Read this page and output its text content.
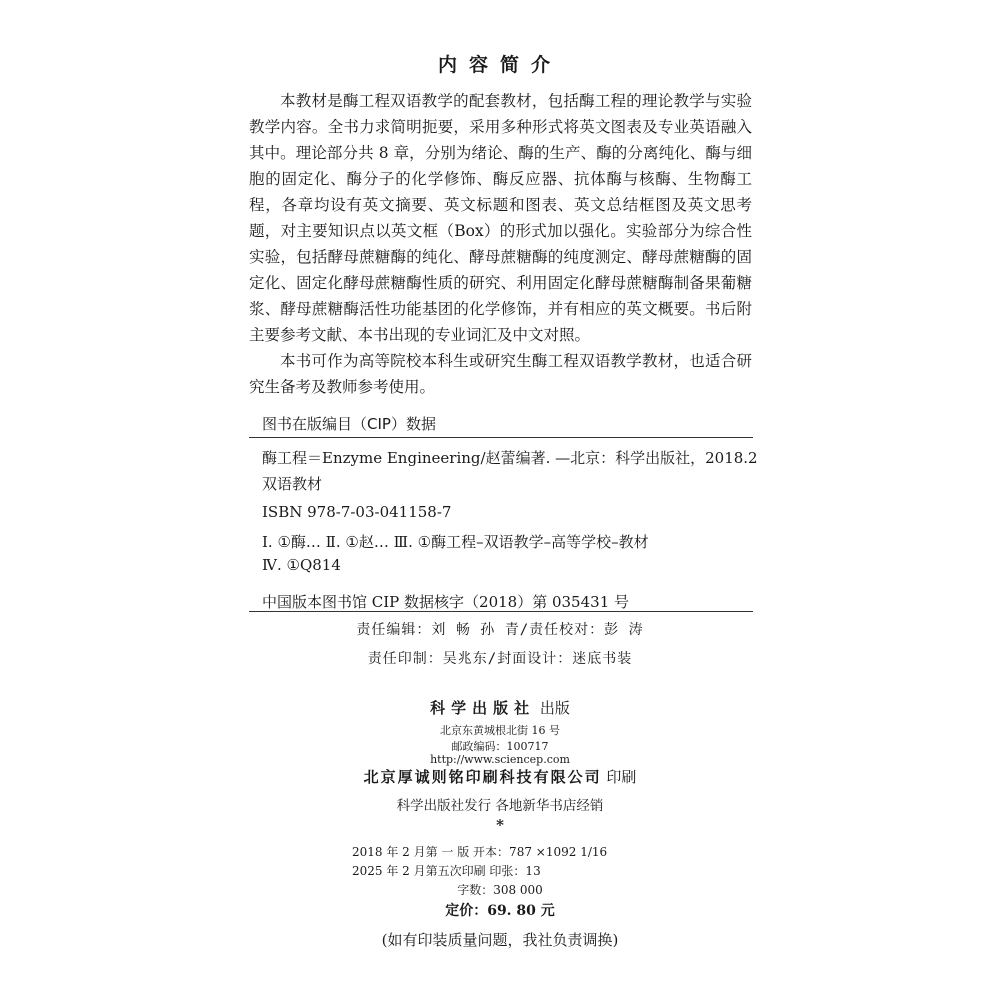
内容简介

本教材是酶工程双语教学的配套教材，包括酶工程的理论教学与实验教学内容。全书力求简明扼要，采用多种形式将英文图表及专业英语融入其中。理论部分共 8 章，分别为绪论、酶的生产、酶的分离纯化、酶与细胞的固定化、酶分子的化学修饰、酶反应器、抗体酶与核酶、生物酶工程，各章均设有英文摘要、英文标题和图表、英文总结框图及英文思考题，对主要知识点以英文框（Box）的形式加以强化。实验部分为综合性实验，包括酵母蔗糖酶的纯化、酵母蔗糖酶的纯度测定、酵母蔗糖酶的固定化、固定化酵母蔗糖酶性质的研究、利用固定化酵母蔗糖酶制备果葡糖浆、酵母蔗糖酶活性功能基团的化学修饰，并有相应的英文概要。书后附主要参考文献、本书出现的专业词汇及中文对照。

本书可作为高等院校本科生或研究生酶工程双语教学教材，也适合研究生备考及教师参考使用。

图书在版编目（CIP）数据
酶工程＝Enzyme Engineering/赵蕾编著. —北京：科学出版社，2018.2
双语教材
ISBN 978-7-03-041158-7
Ⅰ. ①酶… Ⅱ. ①赵… Ⅲ. ①酶工程–双语教学–高等学校–教材
Ⅳ. ①Q814
中国版本图书馆 CIP 数据核字（2018）第 035431 号
责任编辑：刘 畅 孙 青/责任校对：彭 涛
责任印制：吴兆东/封面设计：迷底书装
科学出版社 出版
北京东黄城根北街 16 号
邮政编码：100717
http://www.sciencep.com
北京厚诚则铭印刷科技有限公司 印刷
科学出版社发行 各地新华书店经销
*
2018 年 2 月第 一 版 开本：787 ×1092 1/16
2025 年 2 月第五次印刷 印张：13
字数：308 000
定价：69. 80 元
(如有印装质量问题，我社负责调换)
